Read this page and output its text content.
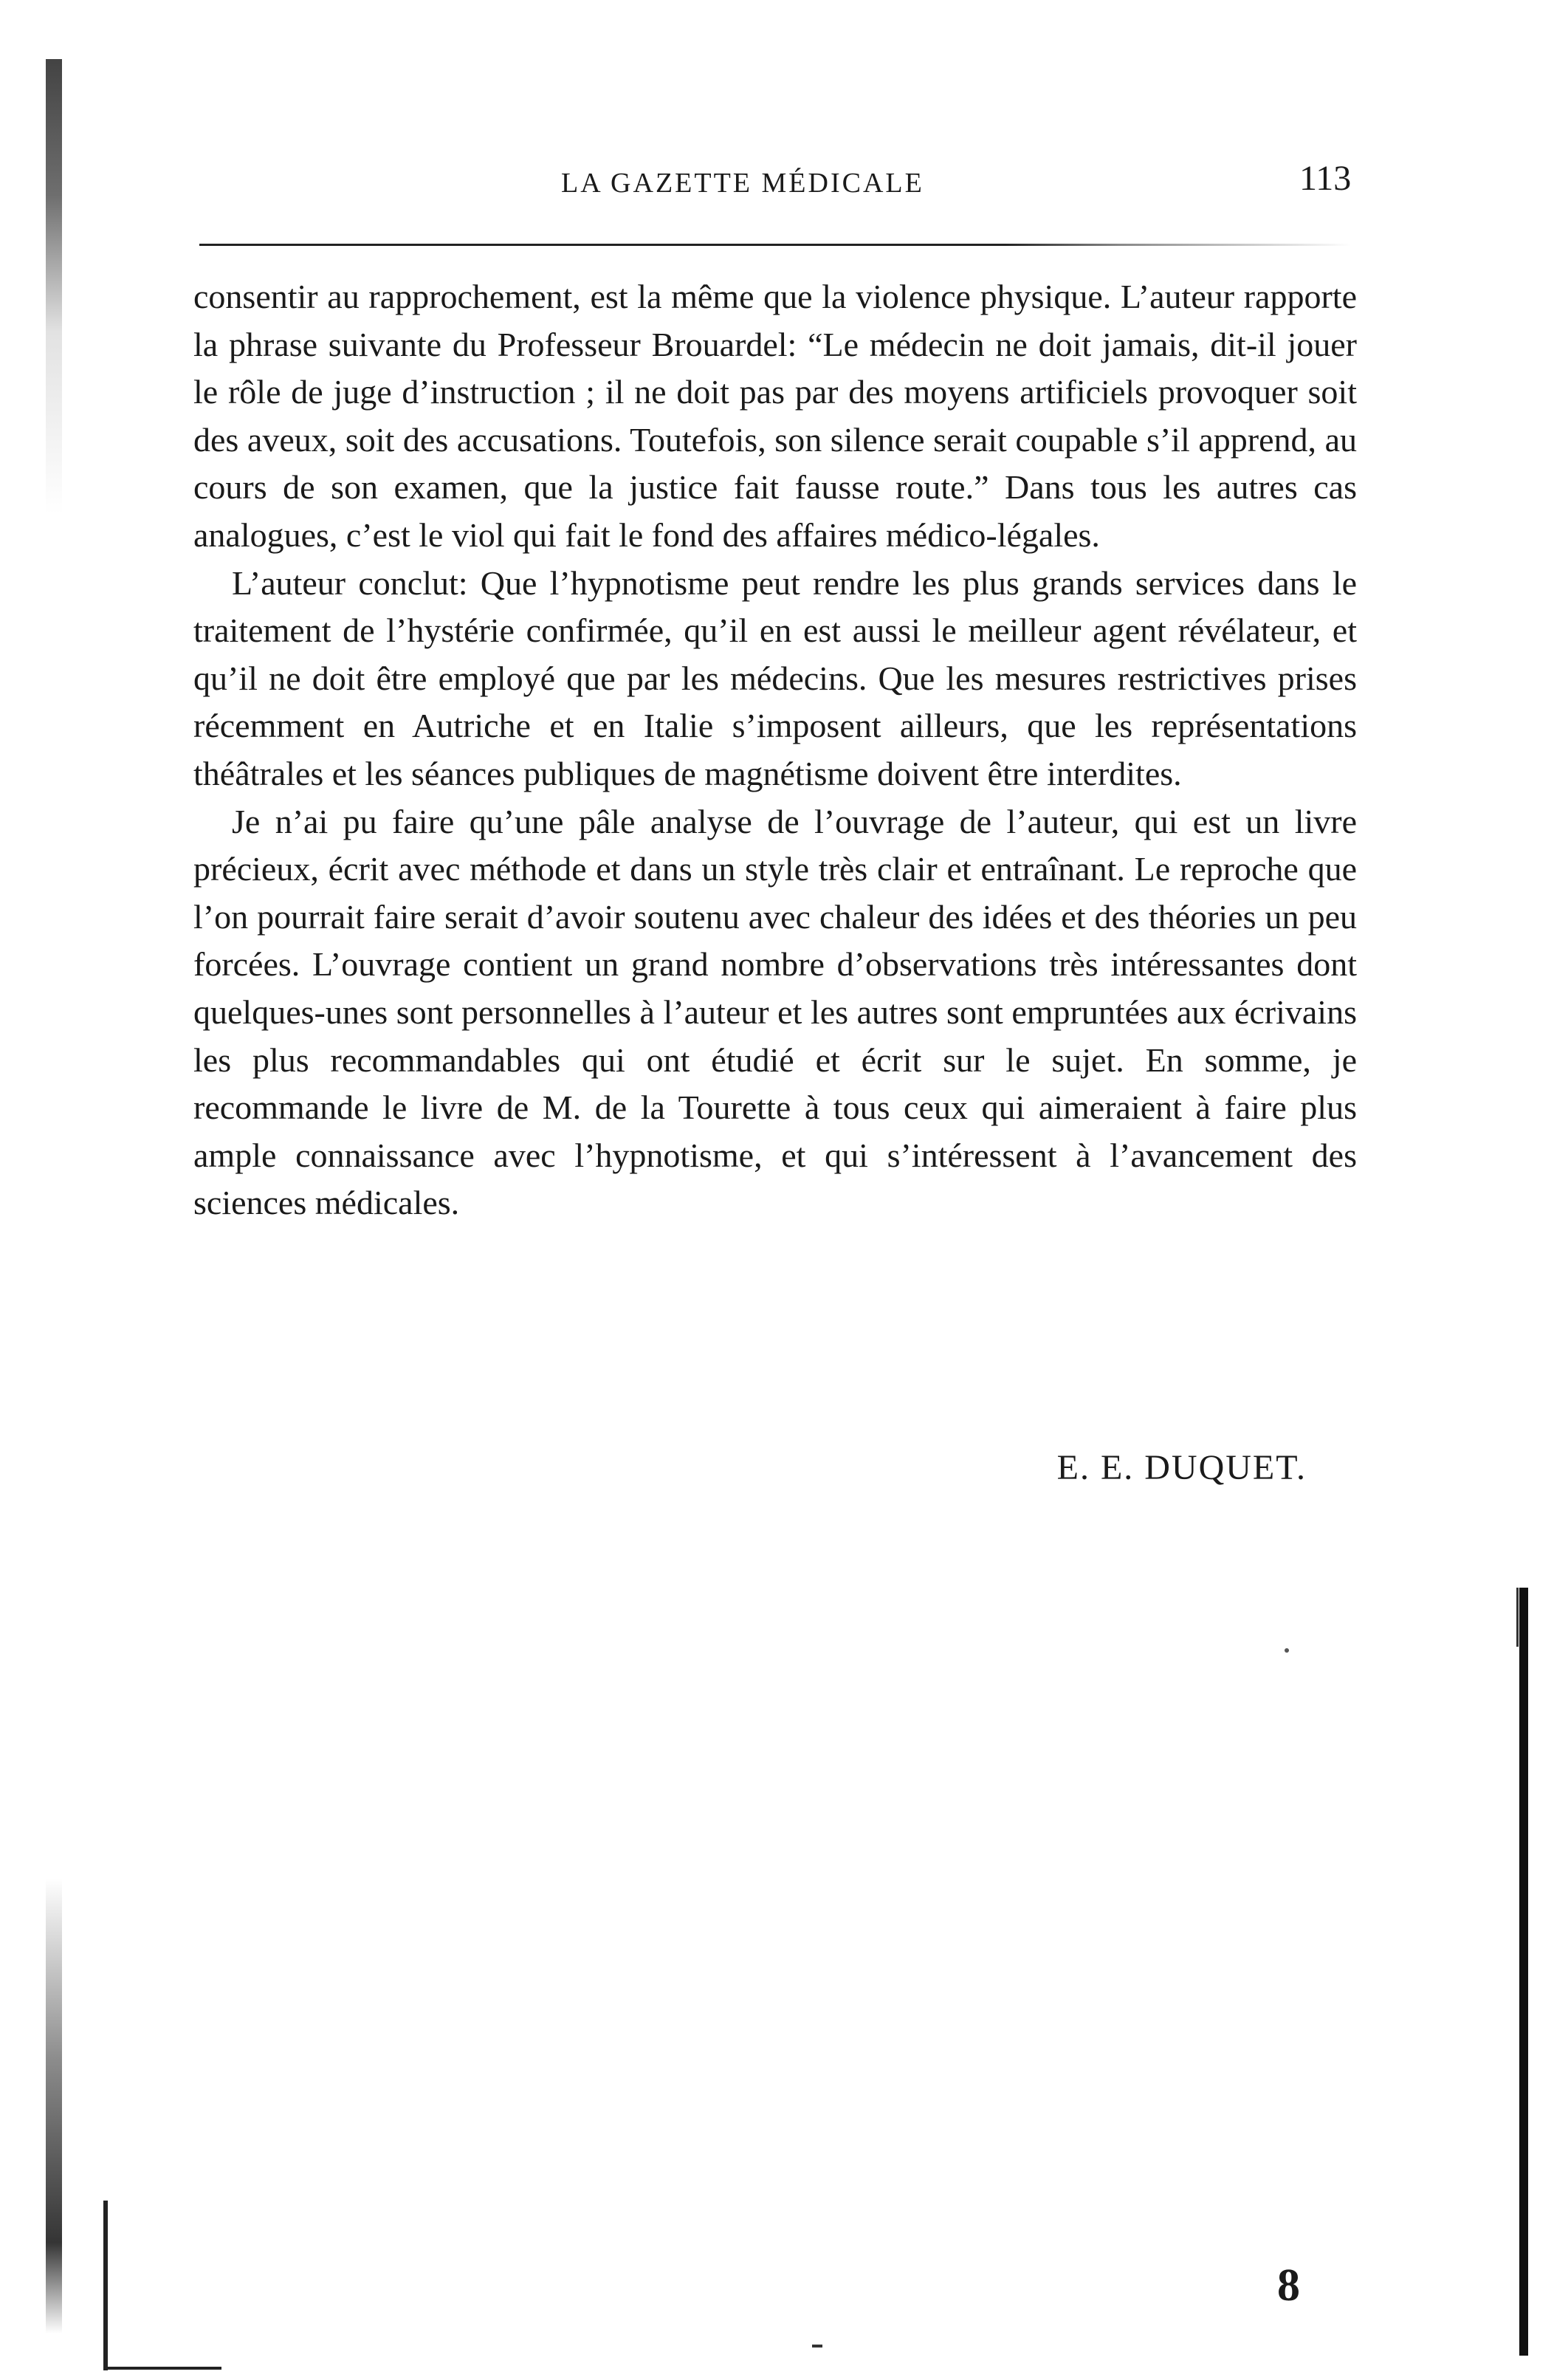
LA GAZETTE MÉDICALE	113

consentir au rapprochement, est la même que la violence physique. L’auteur rapporte la phrase suivante du Professeur Brouardel: “Le médecin ne doit jamais, dit-il jouer le rôle de juge d’instruction ; il ne doit pas par des moyens artificiels provoquer soit des aveux, soit des accusations. Toutefois, son silence serait coupable s’il apprend, au cours de son examen, que la justice fait fausse route.” Dans tous les autres cas analogues, c’est le viol qui fait le fond des affaires médico-légales.

L’auteur conclut: Que l’hypnotisme peut rendre les plus grands services dans le traitement de l’hystérie confirmée, qu’il en est aussi le meilleur agent révélateur, et qu’il ne doit être employé que par les médecins. Que les mesures restrictives prises récemment en Autriche et en Italie s’imposent ailleurs, que les représentations théâtrales et les séances publiques de magnétisme doivent être interdites.

Je n’ai pu faire qu’une pâle analyse de l’ouvrage de l’auteur, qui est un livre précieux, écrit avec méthode et dans un style très clair et entraînant. Le reproche que l’on pourrait faire serait d’avoir soutenu avec chaleur des idées et des théories un peu forcées. L’ouvrage contient un grand nombre d’observations très intéressantes dont quelques-unes sont personnelles à l’auteur et les autres sont empruntées aux écrivains les plus recommandables qui ont étudié et écrit sur le sujet. En somme, je recommande le livre de M. de la Tourette à tous ceux qui aimeraient à faire plus ample connaissance avec l’hypnotisme, et qui s’intéressent à l’avancement des sciences médicales.

E. E. DUQUET.
8
